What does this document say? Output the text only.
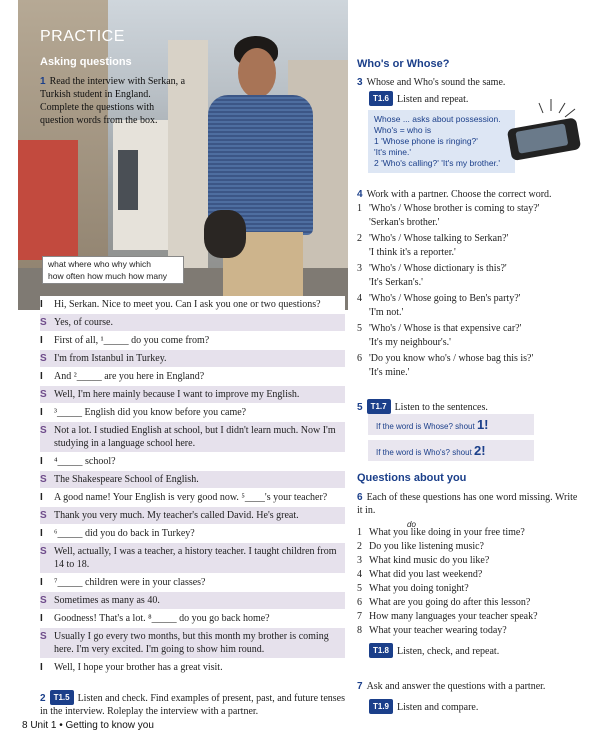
PRACTICE
Asking questions
1 Read the interview with Serkan, a Turkish student in England. Complete the questions with question words from the box.
what where who why which
how often how much how many
I Hi, Serkan. Nice to meet you. Can I ask you one or two questions?
S Yes, of course.
I First of all, ¹_____ do you come from?
S I'm from Istanbul in Turkey.
I And ²_____ are you here in England?
S Well, I'm here mainly because I want to improve my English.
I ³_____ English did you know before you came?
S Not a lot. I studied English at school, but I didn't learn much. Now I'm studying in a language school here.
I ⁴_____ school?
S The Shakespeare School of English.
I A good name! Your English is very good now. ⁵____'s your teacher?
S Thank you very much. My teacher's called David. He's great.
I ⁶_____ did you do back in Turkey?
S Well, actually, I was a teacher, a history teacher. I taught children from 14 to 18.
I ⁷_____ children were in your classes?
S Sometimes as many as 40.
I Goodness! That's a lot. ⁸_____ do you go back home?
S Usually I go every two months, but this month my brother is coming here. I'm very excited. I'm going to show him round.
I Well, I hope your brother has a great visit.
2 T1.5 Listen and check. Find examples of present, past, and future tenses in the interview. Roleplay the interview with a partner.
8 Unit 1 • Getting to know you
Who's or Whose?
3 Whose and Who's sound the same.
T1.6 Listen and repeat.
Whose ... asks about possession.
Who's = who is
1 'Whose phone is ringing?'
'It's mine.'
2 'Who's calling?' 'It's my brother.'
4 Work with a partner. Choose the correct word.
1 'Who's / Whose brother is coming to stay?'
'Serkan's brother.'
2 'Who's / Whose talking to Serkan?'
'I think it's a reporter.'
3 'Who's / Whose dictionary is this?'
'It's Serkan's.'
4 'Who's / Whose going to Ben's party?'
'I'm not.'
5 'Who's / Whose is that expensive car?'
'It's my neighbour's.'
6 'Do you know who's / whose bag this is?'
'It's mine.'
5 T1.7 Listen to the sentences.
If the word is Whose? shout 1!
If the word is Who's? shout 2!
Questions about you
6 Each of these questions has one word missing. Write it in.
1
do
What you like doing in your free time?
2 Do you like listening music?
3 What kind music do you like?
4 What did you last weekend?
5 What you doing tonight?
6 What are you going do after this lesson?
7 How many languages your teacher speak?
8 What your teacher wearing today?
T1.8 Listen, check, and repeat.
7 Ask and answer the questions with a partner.
T1.9 Listen and compare.
